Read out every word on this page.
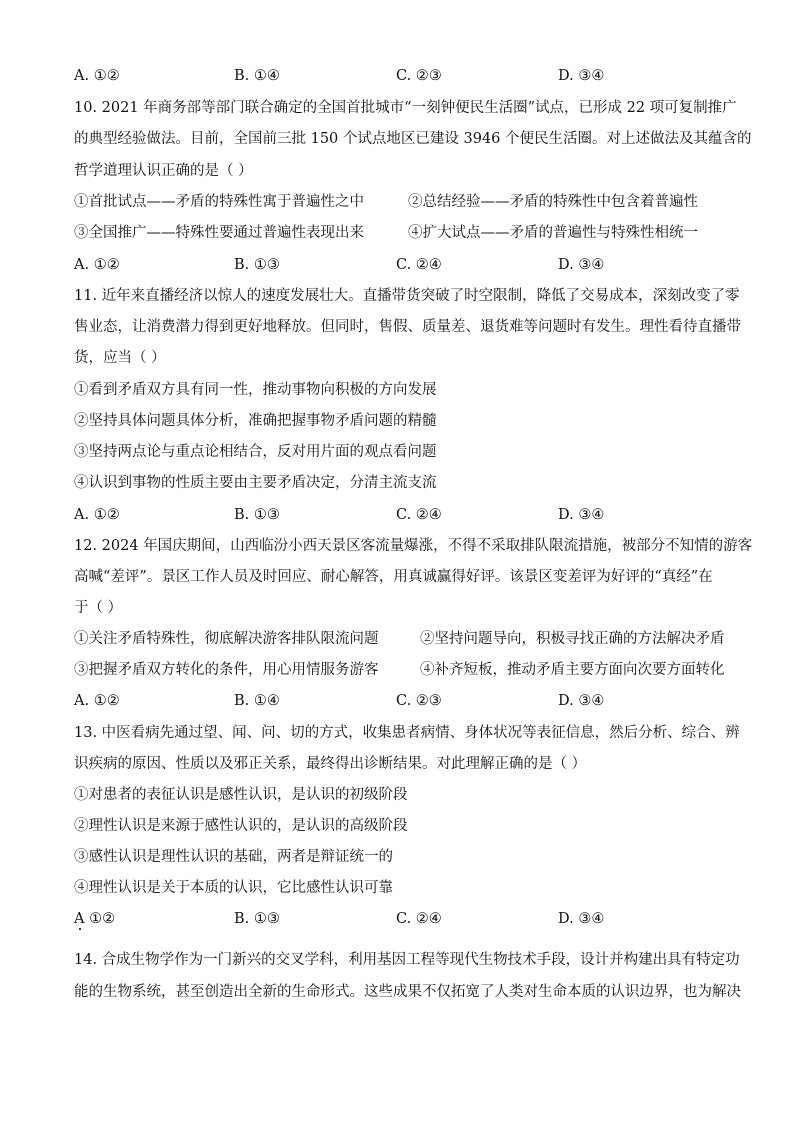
A. ①②	B. ①④	C. ②③	D. ③④
10. 2021 年商务部等部门联合确定的全国首批城市“一刻钟便民生活圈”试点，已形成 22 项可复制推广
的典型经验做法。目前，全国前三批 150 个试点地区已建设 3946 个便民生活圈。对上述做法及其蕴含的
哲学道理认识正确的是（ ）
①首批试点——矛盾的特殊性寓于普遍性之中	②总结经验——矛盾的特殊性中包含着普遍性
③全国推广——特殊性要通过普遍性表现出来	④扩大试点——矛盾的普遍性与特殊性相统一
A. ①②	B. ①③	C. ②④	D. ③④
11. 近年来直播经济以惊人的速度发展壮大。直播带货突破了时空限制，降低了交易成本，深刻改变了零
售业态，让消费潜力得到更好地释放。但同时，售假、质量差、退货难等问题时有发生。理性看待直播带
货，应当（ ）
①看到矛盾双方具有同一性，推动事物向积极的方向发展
②坚持具体问题具体分析，准确把握事物矛盾问题的精髓
③坚持两点论与重点论相结合，反对用片面的观点看问题
④认识到事物的性质主要由主要矛盾决定，分清主流支流
A. ①②	B. ①③	C. ②④	D. ③④
12. 2024 年国庆期间，山西临汾小西天景区客流量爆涨，不得不采取排队限流措施，被部分不知情的游客
高喊“差评”。景区工作人员及时回应、耐心解答，用真诚赢得好评。该景区变差评为好评的“真经”在
于（ ）
①关注矛盾特殊性，彻底解决游客排队限流问题	②坚持问题导向，积极寻找正确的方法解决矛盾
③把握矛盾双方转化的条件，用心用情服务游客	④补齐短板，推动矛盾主要方面向次要方面转化
A. ①②	B. ①④	C. ②③	D. ③④
13. 中医看病先通过望、闻、问、切的方式，收集患者病情、身体状况等表征信息，然后分析、综合、辨
识疾病的原因、性质以及邪正关系，最终得出诊断结果。对此理解正确的是（ ）
①对患者的表征认识是感性认识，是认识的初级阶段
②理性认识是来源于感性认识的，是认识的高级阶段
③感性认识是理性认识的基础，两者是辩证统一的
④理性认识是关于本质的认识，它比感性认识可靠
A ①②	B. ①③	C. ②④	D. ③④
14. 合成生物学作为一门新兴的交叉学科，利用基因工程等现代生物技术手段，设计并构建出具有特定功
能的生物系统，甚至创造出全新的生命形式。这些成果不仅拓宽了人类对生命本质的认识边界，也为解决
